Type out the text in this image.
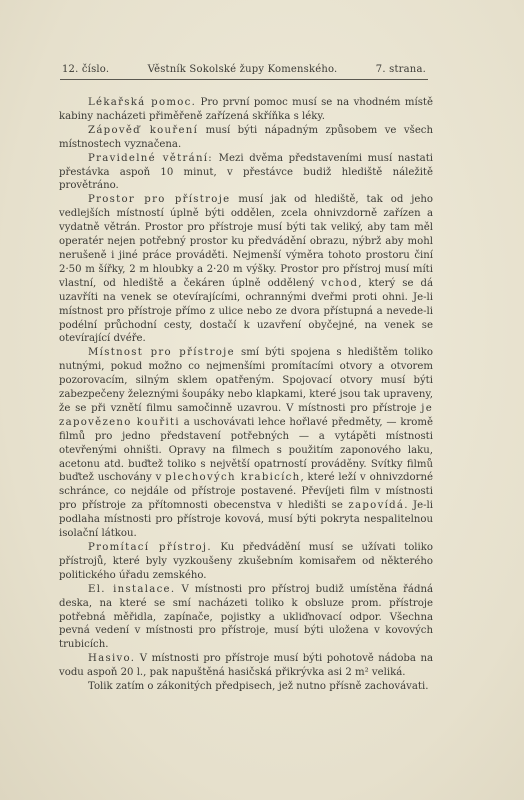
12. číslo.	Věstník Sokolské župy Komenského.	7. strana.

Lékařská pomoc. Pro první pomoc musí se na vhodném místě kabiny nacházeti přiměřeně zařízená skříňka s léky.

Zápověď kouření musí býti nápadným způsobem ve všech místnostech vyznačena.

Pravidelné větrání: Mezi dvěma představeními musí nastati přestávka aspoň 10 minut, v přestávce budiž hlediště náležitě provětráno.

Prostor pro přístroje musí jak od hlediště, tak od jeho vedlejších místností úplně býti oddělen, zcela ohnivzdorně zařízen a vydatně větrán. Prostor pro přístroje musí býti tak veliký, aby tam měl operatér nejen potřebný prostor ku předvádění obrazu, nýbrž aby mohl nerušeně i jiné práce prováděti. Nejmenší výměra tohoto prostoru činí 2·50 m šířky, 2 m hloubky a 2·20 m výšky. Prostor pro přístroj musí míti vlastní, od hlediště a čekáren úplně oddělený vchod, který se dá uzavříti na venek se otevírajícími, ochrannými dveřmi proti ohni. Je-li místnost pro přístroje přímo z ulice nebo ze dvora přístupná a nevede-li podélní průchodní cesty, dostačí k uzavření obyčejné, na venek se otevírající dvéře.

Místnost pro přístroje smí býti spojena s hledištěm toliko nutnými, pokud možno co nejmenšími promítacími otvory a otvorem pozorovacím, silným sklem opatřeným. Spojovací otvory musí býti zabezpečeny železnými šoupáky nebo klapkami, které jsou tak upraveny, že se při vznětí filmu samočinně uzavrou. V místnosti pro přístroje je zapovězeno kouřiti a uschovávati lehce hořlavé předměty, — kromě filmů pro jedno představení potřebných — a vytápěti místnosti otevřenými ohništi. Opravy na filmech s použitím zaponového laku, acetonu atd. buďtež toliko s největší opatrností prováděny. Svítky filmů buďtež uschovány v plechových krabicích, které leží v ohnivzdorné schránce, co nejdále od přístroje postavené. Převíjeti film v místnosti pro přístroje za přítomnosti obecenstva v hledišti se zapovídá. Je-li podlaha místnosti pro přístroje kovová, musí býti pokryta nespalitelnou isolační látkou.

Promítací přístroj. Ku předvádění musí se užívati toliko přístrojů, které byly vyzkoušeny zkušebním komisařem od některého politického úřadu zemského.

El. instalace. V místnosti pro přístroj budiž umístěna řádná deska, na které se smí nacházeti toliko k obsluze prom. přístroje potřebná měřidla, zapínače, pojistky a ukliďnovací odpor. Všechna pevná vedení v místnosti pro přístroje, musí býti uložena v kovových trubicích.

Hasivo. V místnosti pro přístroje musí býti pohotově nádoba na vodu aspoň 20 l., pak napuštěná hasičská přikrývka asi 2 m² veliká.

Tolik zatím o zákonitých předpisech, jež nutno přísně zachovávati.
